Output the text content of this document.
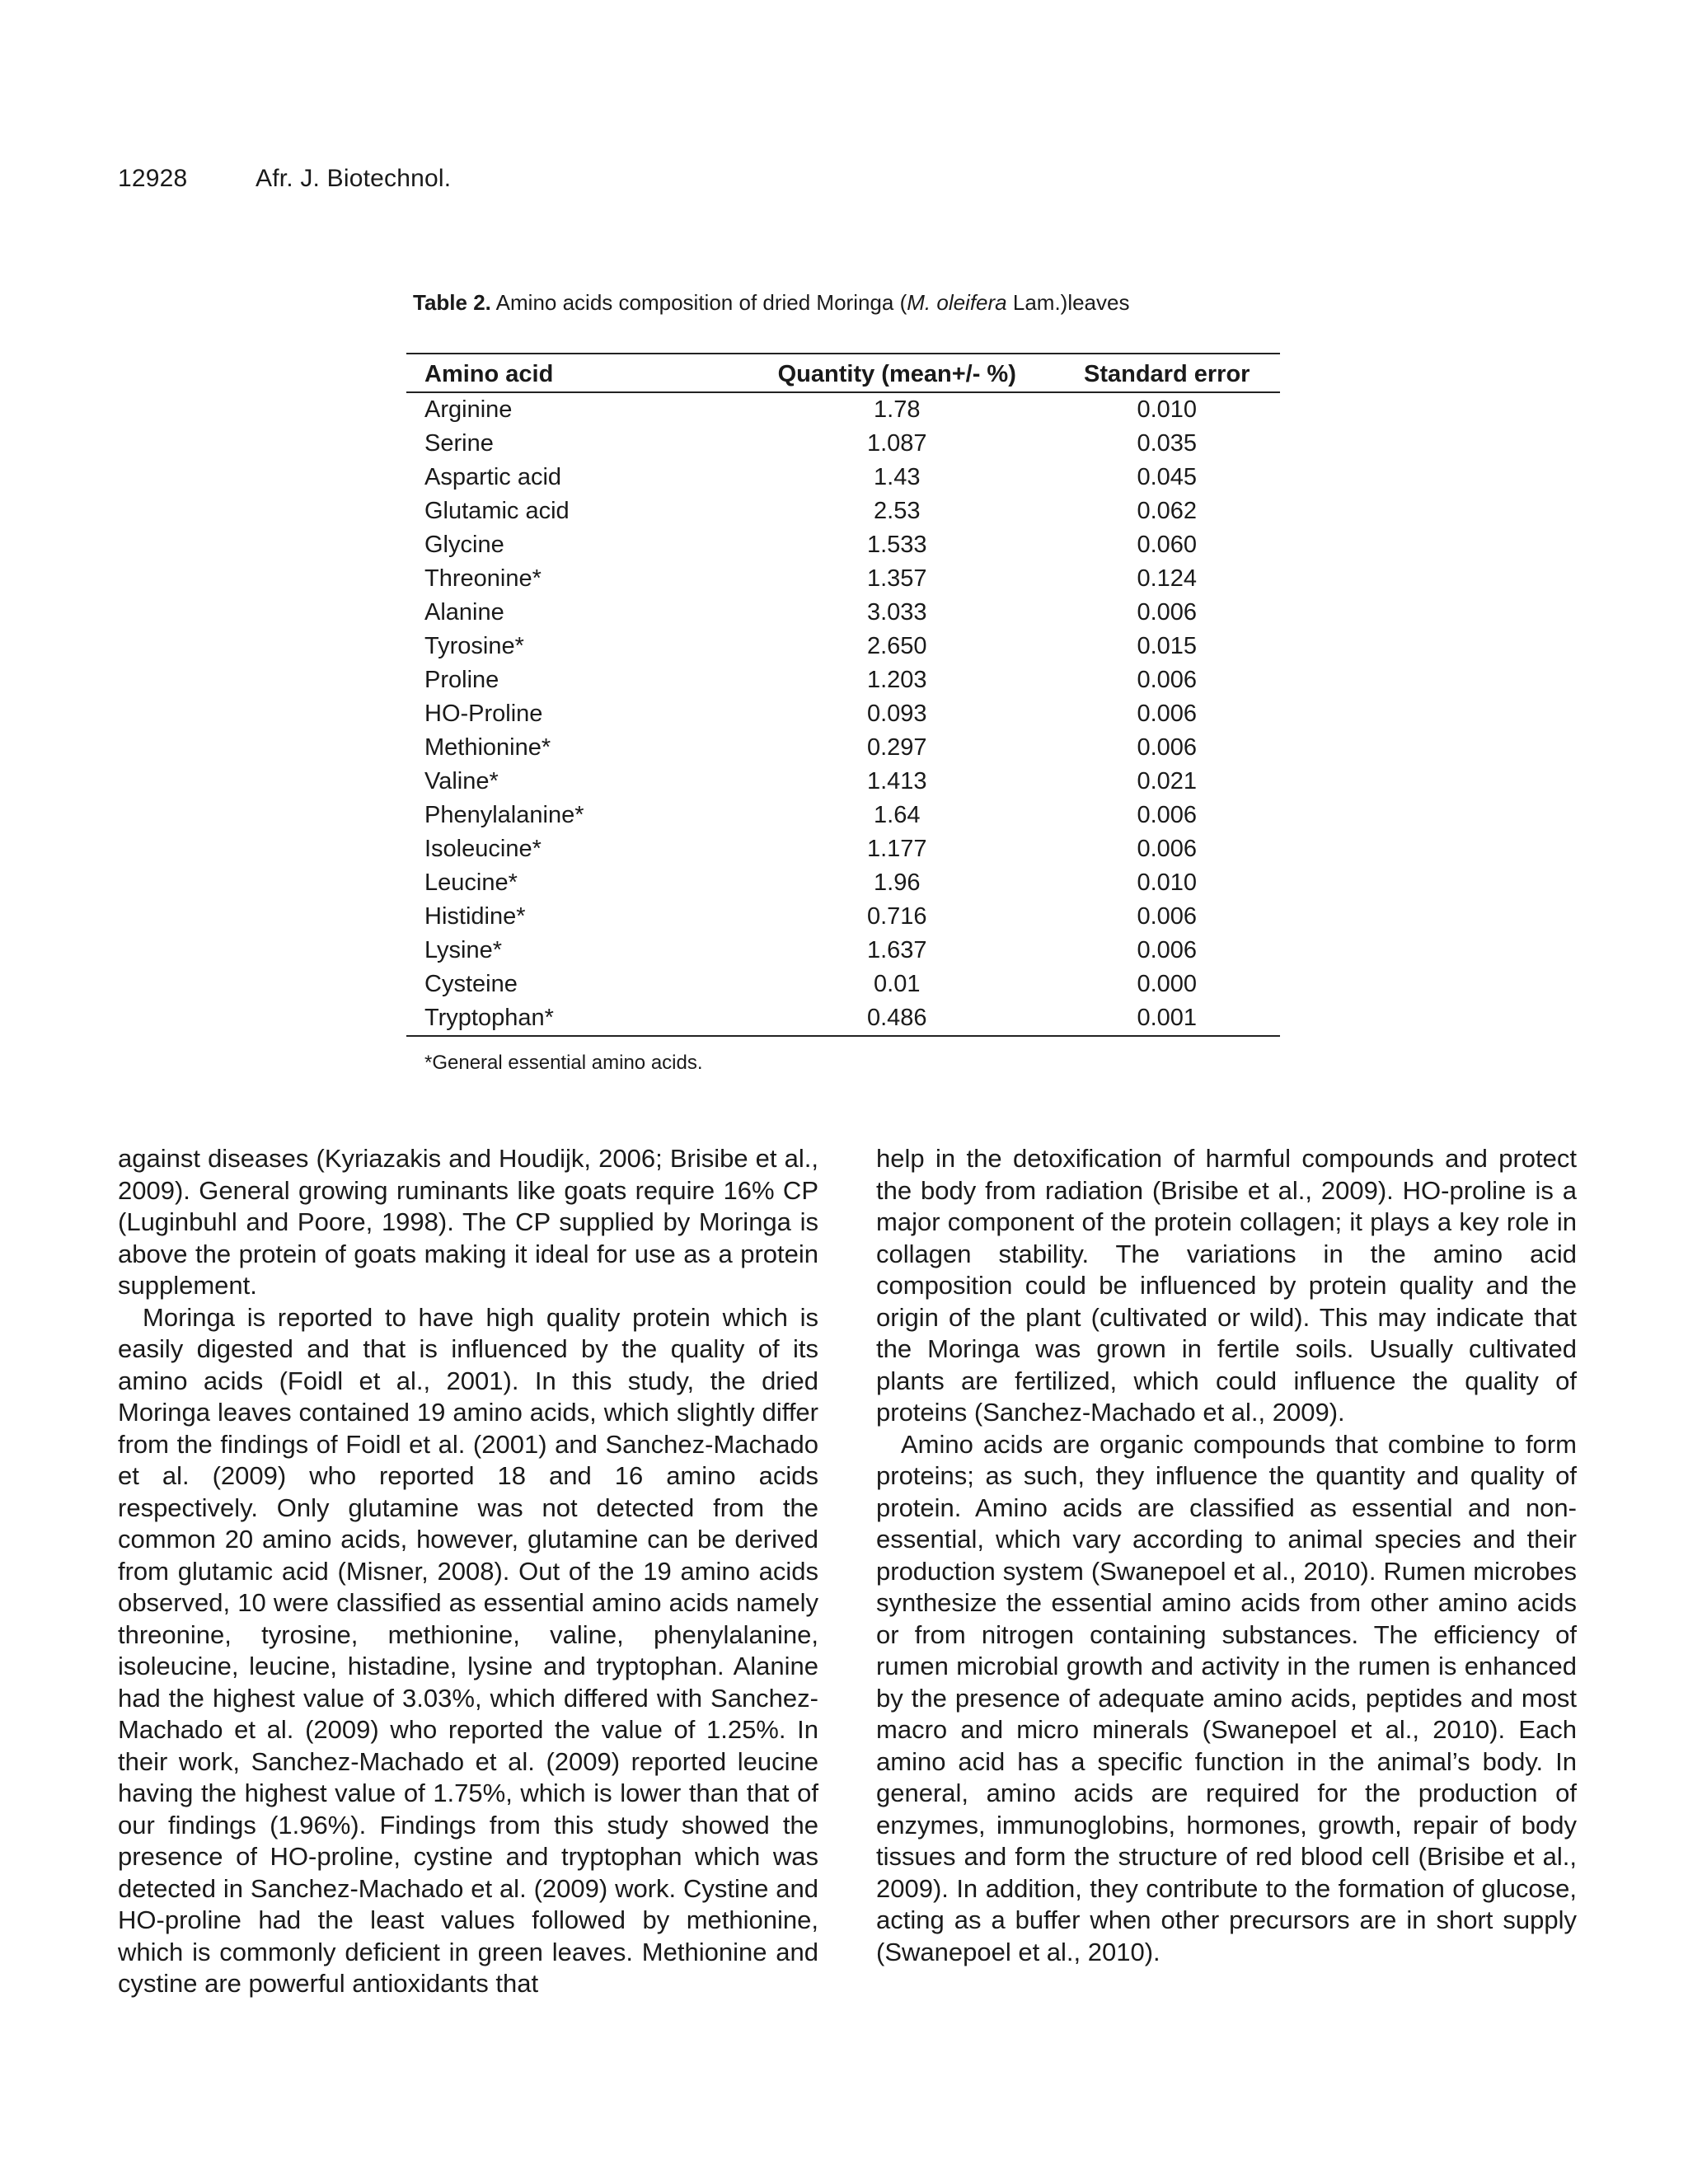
12928	Afr. J. Biotechnol.
Table 2. Amino acids composition of dried Moringa (M. oleifera Lam.)leaves
Amino acid	Quantity (mean+/- %)	Standard error
Arginine	1.78	0.010
Serine	1.087	0.035
Aspartic acid	1.43	0.045
Glutamic acid	2.53	0.062
Glycine	1.533	0.060
Threonine*	1.357	0.124
Alanine	3.033	0.006
Tyrosine*	2.650	0.015
Proline	1.203	0.006
HO-Proline	0.093	0.006
Methionine*	0.297	0.006
Valine*	1.413	0.021
Phenylalanine*	1.64	0.006
Isoleucine*	1.177	0.006
Leucine*	1.96	0.010
Histidine*	0.716	0.006
Lysine*	1.637	0.006
Cysteine	0.01	0.000
Tryptophan*	0.486	0.001
*General essential amino acids.

against diseases (Kyriazakis and Houdijk, 2006; Brisibe et al., 2009). General growing ruminants like goats require 16% CP (Luginbuhl and Poore, 1998). The CP supplied by Moringa is above the protein of goats making it ideal for use as a protein supplement.

Moringa is reported to have high quality protein which is easily digested and that is influenced by the quality of its amino acids (Foidl et al., 2001). In this study, the dried Moringa leaves contained 19 amino acids, which slightly differ from the findings of Foidl et al. (2001) and Sanchez-Machado et al. (2009) who reported 18 and 16 amino acids respectively. Only glutamine was not detected from the common 20 amino acids, however, glutamine can be derived from glutamic acid (Misner, 2008). Out of the 19 amino acids observed, 10 were classified as essential amino acids namely threonine, tyrosine, methionine, valine, phenylalanine, isoleucine, leucine, histadine, lysine and tryptophan. Alanine had the highest value of 3.03%, which differed with Sanchez-Machado et al. (2009) who reported the value of 1.25%. In their work, Sanchez-Machado et al. (2009) reported leucine having the highest value of 1.75%, which is lower than that of our findings (1.96%). Findings from this study showed the presence of HO-proline, cystine and tryptophan which was detected in Sanchez-Machado et al. (2009) work. Cystine and HO-proline had the least values followed by methionine, which is commonly deficient in green leaves. Methionine and cystine are powerful antioxidants that

help in the detoxification of harmful compounds and protect the body from radiation (Brisibe et al., 2009). HO-proline is a major component of the protein collagen; it plays a key role in collagen stability. The variations in the amino acid composition could be influenced by protein quality and the origin of the plant (cultivated or wild). This may indicate that the Moringa was grown in fertile soils. Usually cultivated plants are fertilized, which could influence the quality of proteins (Sanchez-Machado et al., 2009).

Amino acids are organic compounds that combine to form proteins; as such, they influence the quantity and quality of protein. Amino acids are classified as essential and non-essential, which vary according to animal species and their production system (Swanepoel et al., 2010). Rumen microbes synthesize the essential amino acids from other amino acids or from nitrogen containing substances. The efficiency of rumen microbial growth and activity in the rumen is enhanced by the presence of adequate amino acids, peptides and most macro and micro minerals (Swanepoel et al., 2010). Each amino acid has a specific function in the animal’s body. In general, amino acids are required for the production of enzymes, immunoglobins, hormones, growth, repair of body tissues and form the structure of red blood cell (Brisibe et al., 2009). In addition, they contribute to the formation of glucose, acting as a buffer when other precursors are in short supply (Swanepoel et al., 2010).
